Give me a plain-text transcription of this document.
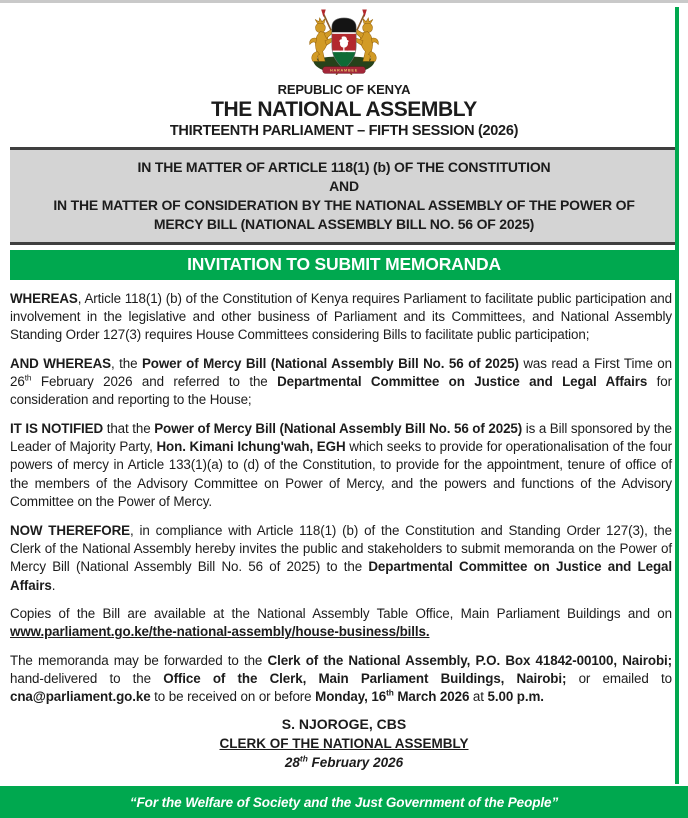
HARAMBEE
REPUBLIC OF KENYA
THE NATIONAL ASSEMBLY
THIRTEENTH PARLIAMENT – FIFTH SESSION (2026)
IN THE MATTER OF ARTICLE 118(1) (b) OF THE CONSTITUTION
AND
IN THE MATTER OF CONSIDERATION BY THE NATIONAL ASSEMBLY OF THE POWER OF MERCY BILL (NATIONAL ASSEMBLY BILL NO. 56 OF 2025)
INVITATION TO SUBMIT MEMORANDA

WHEREAS, Article 118(1) (b) of the Constitution of Kenya requires Parliament to facilitate public participation and involvement in the legislative and other business of Parliament and its Committees, and National Assembly Standing Order 127(3) requires House Committees considering Bills to facilitate public participation;

AND WHEREAS, the Power of Mercy Bill (National Assembly Bill No. 56 of 2025) was read a First Time on 26th February 2026 and referred to the Departmental Committee on Justice and Legal Affairs for consideration and reporting to the House;

IT IS NOTIFIED that the Power of Mercy Bill (National Assembly Bill No. 56 of 2025) is a Bill sponsored by the Leader of Majority Party, Hon. Kimani Ichung'wah, EGH which seeks to provide for operationalisation of the four powers of mercy in Article 133(1)(a) to (d) of the Constitution, to provide for the appointment, tenure of office of the members of the Advisory Committee on Power of Mercy, and the powers and functions of the Advisory Committee on the Power of Mercy.

NOW THEREFORE, in compliance with Article 118(1) (b) of the Constitution and Standing Order 127(3), the Clerk of the National Assembly hereby invites the public and stakeholders to submit memoranda on the Power of Mercy Bill (National Assembly Bill No. 56 of 2025) to the Departmental Committee on Justice and Legal Affairs.

Copies of the Bill are available at the National Assembly Table Office, Main Parliament Buildings and on www.parliament.go.ke/the-national-assembly/house-business/bills.

The memoranda may be forwarded to the Clerk of the National Assembly, P.O. Box 41842-00100, Nairobi; hand-delivered to the Office of the Clerk, Main Parliament Buildings, Nairobi; or emailed to cna@parliament.go.ke to be received on or before Monday, 16th March 2026 at 5.00 p.m.

S. NJOROGE, CBS
CLERK OF THE NATIONAL ASSEMBLY
28th February 2026
“For the Welfare of Society and the Just Government of the People”
